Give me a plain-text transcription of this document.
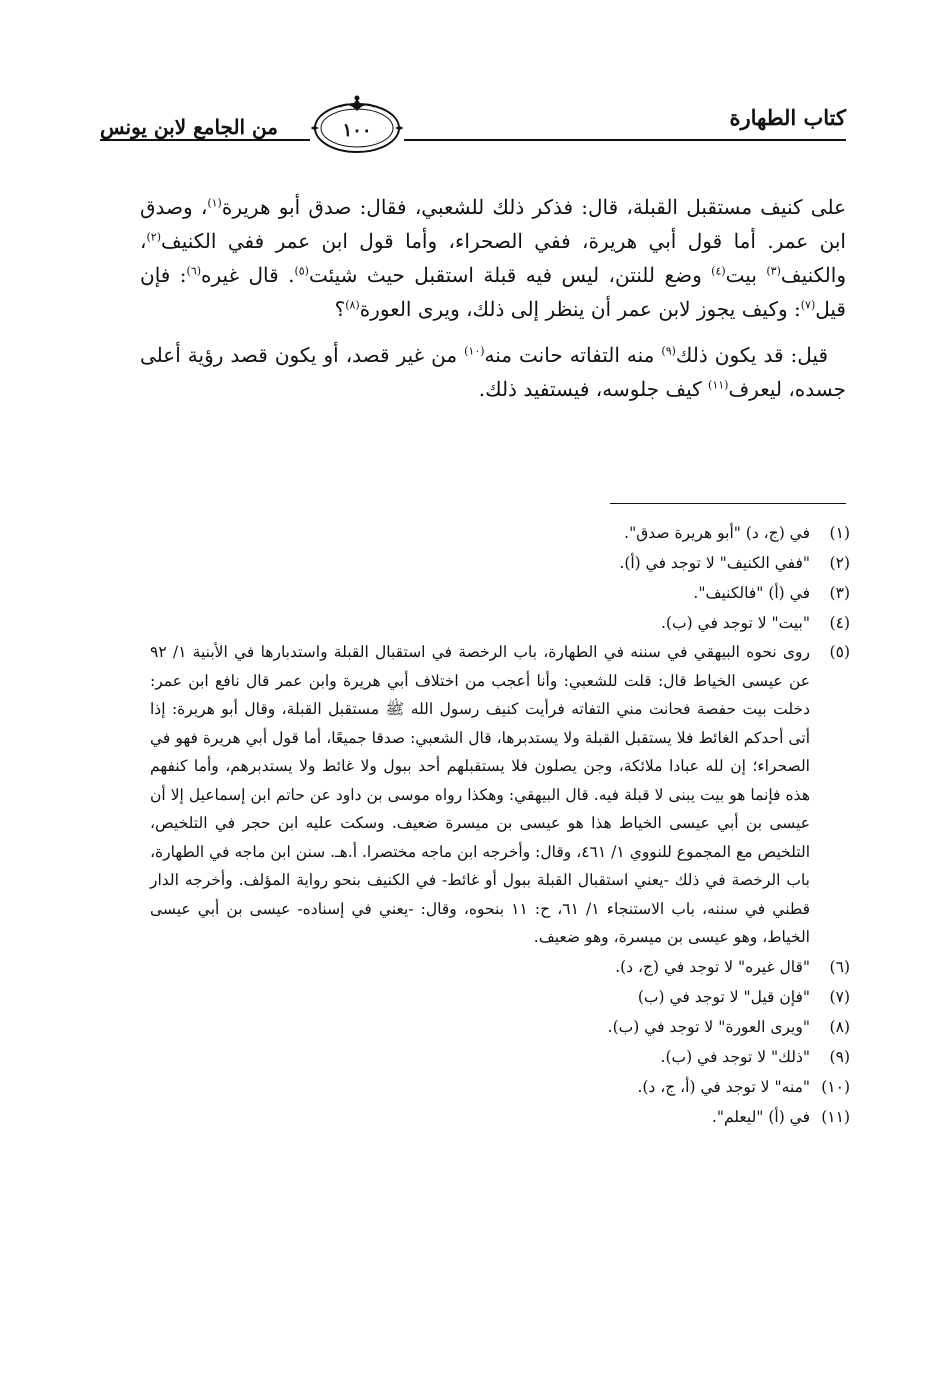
من الجامع لابن يونس	كتاب الطهارة
١٠٠

على كنيف مستقبل القبلة، قال: فذكر ذلك للشعبي، فقال: صدق أبو هريرة$^{(١)}$، وصدق ابن عمر. أما قول أبي هريرة، ففي الصحراء، وأما قول ابن عمر ففي الكنيف$^{(٢)}$، والكنيف$^{(٣)}$ بيت$^{(٤)}$ وضع للنتن، ليس فيه قبلة استقبل حيث شيئت$^{(٥)}$. قال غيره$^{(٦)}$: فإن قيل$^{(٧)}$: وكيف يجوز لابن عمر أن ينظر إلى ذلك، ويرى العورة$^{(٨)}$؟

قيل: قد يكون ذلك$^{(٩)}$ منه التفاته حانت منه$^{(١٠)}$ من غير قصد، أو يكون قصد رؤية أعلى جسده، ليعرف$^{(١١)}$ كيف جلوسه، فيستفيد ذلك.

(١)
في (ج، د) "أبو هريرة صدق".
(٢)
"ففي الكنيف" لا توجد في (أ).
(٣)
في (أ) "فالكنيف".
(٤)
"بيت" لا توجد في (ب).
(٥)
روى نحوه البيهقي في سننه في الطهارة، باب الرخصة في استقبال القبلة واستدبارها في الأبنية ١/ ٩٢ عن عيسى الخياط قال: قلت للشعبي: وأنا أعجب من اختلاف أبي هريرة وابن عمر قال نافع ابن عمر: دخلت بيت حفصة فحانت مني التفاته فرأيت كنيف رسول الله ﷺ مستقبل القبلة، وقال أبو هريرة: إذا أتى أحدكم الغائط فلا يستقبل القبلة ولا يستدبرها، قال الشعبي: صدقا جميعًا، أما قول أبي هريرة فهو في الصحراء؛ إن لله عبادا ملائكة، وجن يصلون فلا يستقبلهم أحد ببول ولا غائط ولا يستدبرهم، وأما كنفهم هذه فإنما هو بيت يبنى لا قبلة فيه. قال البيهقي: وهكذا رواه موسى بن داود عن حاتم ابن إسماعيل إلا أن عيسى بن أبي عيسى الخياط هذا هو عيسى بن ميسرة ضعيف. وسكت عليه ابن حجر في التلخيص، التلخيص مع المجموع للنووي ١/ ٤٦١، وقال: وأخرجه ابن ماجه مختصرا. أ.هـ. سنن ابن ماجه في الطهارة، باب الرخصة في ذلك -يعني استقبال القبلة ببول أو غائط- في الكنيف بنحو رواية المؤلف. وأخرجه الدار قطني في سننه، باب الاستنجاء ١/ ٦١، ح: ١١ بنحوه، وقال: -يعني في إسناده- عيسى بن أبي عيسى الخياط، وهو عيسى بن ميسرة، وهو ضعيف.
(٦)
"قال غيره" لا توجد في (ج، د).
(٧)
"فإن قيل" لا توجد في (ب)
(٨)
"ويرى العورة" لا توجد في (ب).
(٩)
"ذلك" لا توجد في (ب).
(١٠)
"منه" لا توجد في (أ، ج، د).
(١١)
في (أ) "ليعلم".
